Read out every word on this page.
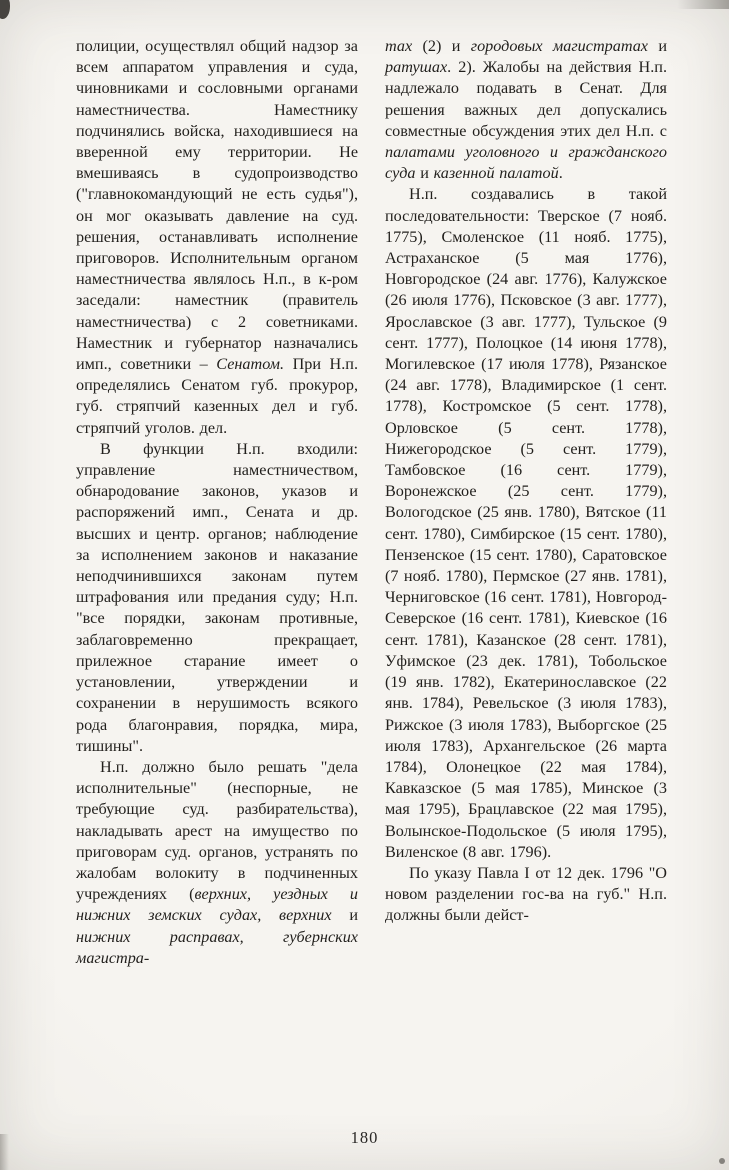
полиции, осуществлял общий надзор за всем аппаратом управления и суда, чиновниками и сословными органами наместничества. Наместнику подчинялись войска, находившиеся на вверенной ему территории. Не вмешиваясь в судопроизводство ("главнокомандующий не есть судья"), он мог оказывать давление на суд. решения, останавливать исполнение приговоров. Исполнительным органом наместничества являлось Н.п., в к-ром заседали: наместник (правитель наместничества) с 2 советниками. Наместник и губернатор назначались имп., советники – Сенатом. При Н.п. определялись Сенатом губ. прокурор, губ. стряпчий казенных дел и губ. стряпчий уголов. дел.

В функции Н.п. входили: управление наместничеством, обнародование законов, указов и распоряжений имп., Сената и др. высших и центр. органов; наблюдение за исполнением законов и наказание неподчинившихся законам путем штрафования или предания суду; Н.п. "все порядки, законам противные, заблаговременно прекращает, прилежное старание имеет о установлении, утверждении и сохранении в нерушимость всякого рода благонравия, порядка, мира, тишины".

Н.п. должно было решать "дела исполнительные" (неспорные, не требующие суд. разбирательства), накладывать арест на имущество по приговорам суд. органов, устранять по жалобам волокиту в подчиненных учреждениях (верхних, уездных и нижних земских судах, верхних и нижних расправах, губернских магистра-

тах (2) и городовых магистратах и ратушах. 2). Жалобы на действия Н.п. надлежало подавать в Сенат. Для решения важных дел допускались совместные обсуждения этих дел Н.п. с палатами уголовного и гражданского суда и казенной палатой.

Н.п. создавались в такой последовательности: Тверское (7 нояб. 1775), Смоленское (11 нояб. 1775), Астраханское (5 мая 1776), Новгородское (24 авг. 1776), Калужское (26 июля 1776), Псковское (3 авг. 1777), Ярославское (3 авг. 1777), Тульское (9 сент. 1777), Полоцкое (14 июня 1778), Могилевское (17 июля 1778), Рязанское (24 авг. 1778), Владимирское (1 сент. 1778), Костромское (5 сент. 1778), Орловское (5 сент. 1778), Нижегородское (5 сент. 1779), Тамбовское (16 сент. 1779), Воронежское (25 сент. 1779), Вологодское (25 янв. 1780), Вятское (11 сент. 1780), Симбирское (15 сент. 1780), Пензенское (15 сент. 1780), Саратовское (7 нояб. 1780), Пермское (27 янв. 1781), Черниговское (16 сент. 1781), Новгород-Северское (16 сент. 1781), Киевское (16 сент. 1781), Казанское (28 сент. 1781), Уфимское (23 дек. 1781), Тобольское (19 янв. 1782), Екатеринославское (22 янв. 1784), Ревельское (3 июля 1783), Рижское (3 июля 1783), Выборгское (25 июля 1783), Архангельское (26 марта 1784), Олонецкое (22 мая 1784), Кавказское (5 мая 1785), Минское (3 мая 1795), Брацлавское (22 мая 1795), Волынское-Подольское (5 июля 1795), Виленское (8 авг. 1796).

По указу Павла I от 12 дек. 1796 "О новом разделении гос-ва на губ." Н.п. должны были дейст-

180
